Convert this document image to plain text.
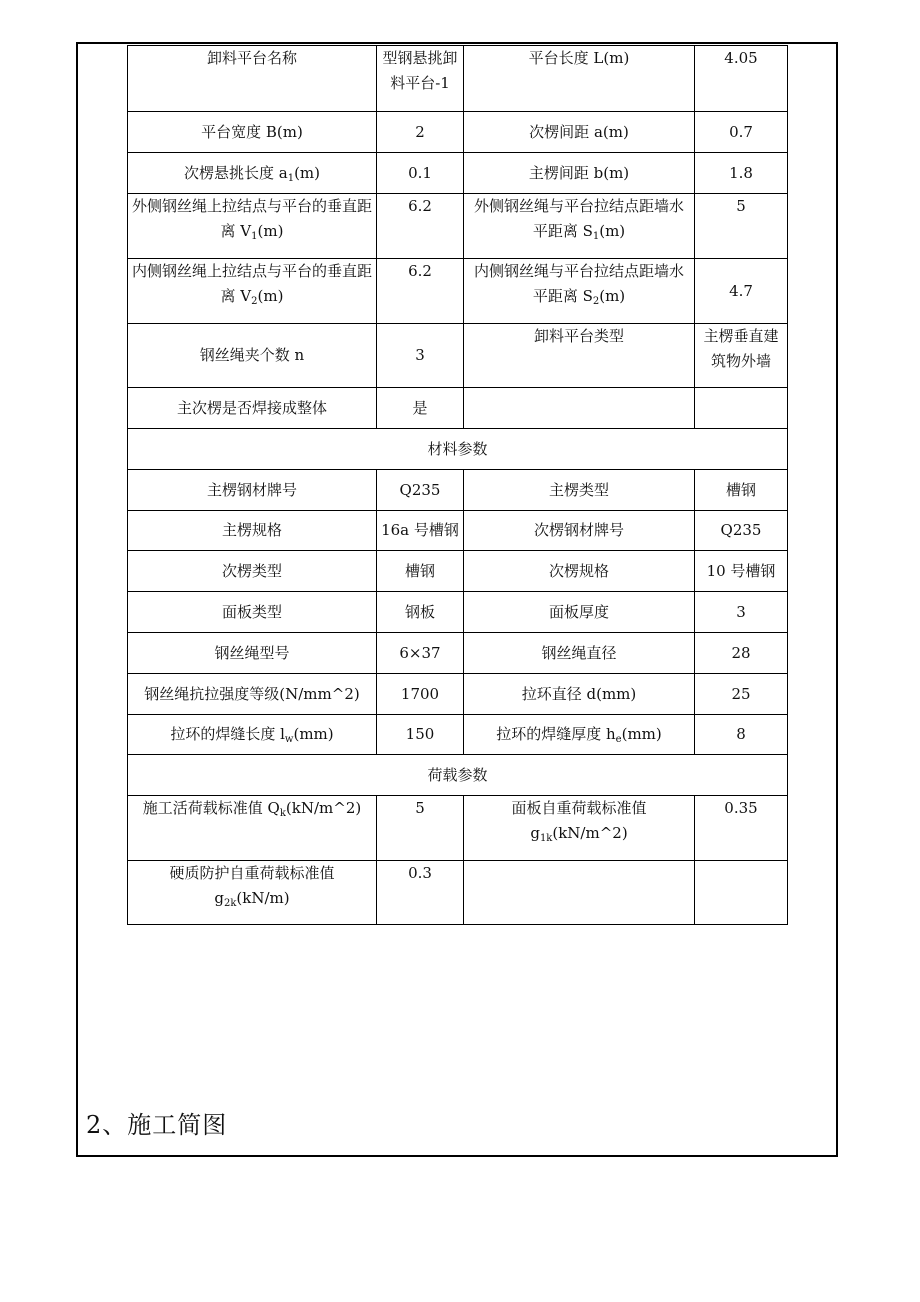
卸料平台名称	型钢悬挑卸料平台-1	平台长度 L(m)	4.05
平台宽度 B(m)	2	次楞间距 a(m)	0.7
次楞悬挑长度 $a_1(m)$	0.1	主楞间距 b(m)	1.8
外侧钢丝绳上拉结点与平台的垂直距离 $V_1(m)$	6.2	外侧钢丝绳与平台拉结点距墙水平距离 $S_1(m)$	5
内侧钢丝绳上拉结点与平台的垂直距离 $V_2(m)$	6.2	内侧钢丝绳与平台拉结点距墙水平距离 $S_2(m)$	4.7
钢丝绳夹个数 n	3	卸料平台类型	主楞垂直建筑物外墙
主次楞是否焊接成整体	是		
材料参数			
主楞钢材牌号	Q235	主楞类型	槽钢
主楞规格	16a 号槽钢	次楞钢材牌号	Q235
次楞类型	槽钢	次楞规格	10 号槽钢
面板类型	钢板	面板厚度	3
钢丝绳型号	6×37	钢丝绳直径	28
钢丝绳抗拉强度等级(N/mm^2)	1700	拉环直径 d(mm)	25
拉环的焊缝长度 $l_w(mm)$	150	拉环的焊缝厚度 $h_e(mm)$	8
荷载参数			
施工活荷载标准值 $Q_k(kN/m\^{}2)$	5	面板自重荷载标准值 $g_{1k}(kN/m\^{}2)$	0.35
硬质防护自重荷载标准值 $g_{2k}(kN/m)$	0.3		
2、施工简图
